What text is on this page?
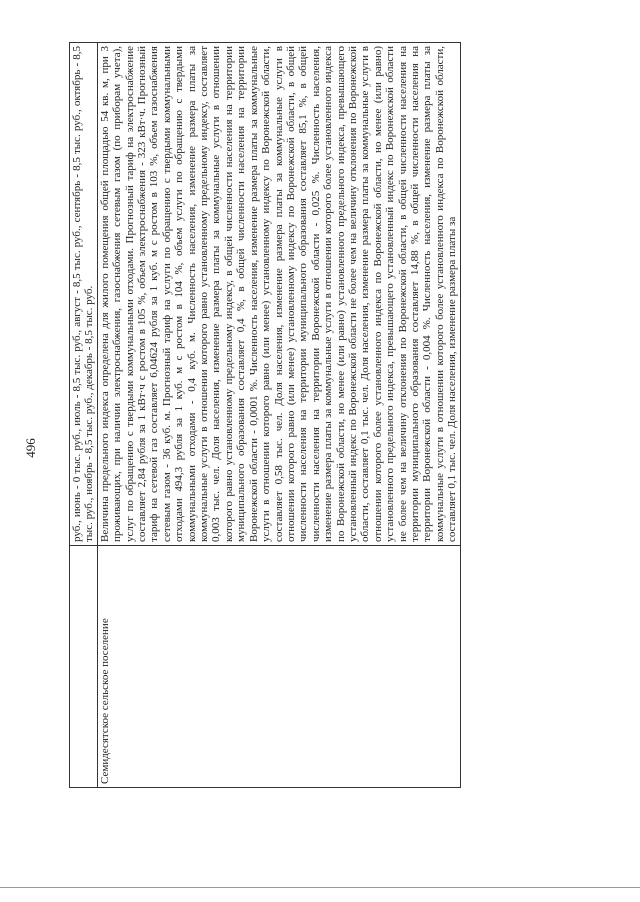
496
		руб., июнь - 0 тыс. руб., июль - 8,5 тыс. руб., август - 8,5 тыс. руб., сентябрь - 8,5 тыс. руб., октябрь - 8,5 тыс. руб., ноябрь - 8,5 тыс. руб., декабрь - 8,5 тыс. руб.
Семидесятское сельское поселение	Величина предельного индекса определена для жилого помещения общей площадью 54 кв. м, при 3 проживающих, при наличии электроснабжения, газоснабжения сетевым газом (по приборам учета), услуг по обращению с твердыми коммунальными отходами. Прогнозный тариф на электроснабжение составляет 2,84 рубля за 1 кВт·ч с ростом в 105 %, объем электроснабжения - 323 кВт·ч. Прогнозный тариф на сетевой газ составляет 6,04624 рубля за 1 куб. м с ростом в 103 %, объем газоснабжения сетевым газом - 36 куб. м. Прогнозный тариф на услуги по обращению с твердыми коммунальными отходами 494,3 рубля за 1 куб. м с ростом в 104 %, объем услуги по обращению с твердыми коммунальными отходами - 0,4 куб. м. Численность населения, изменение размера платы за коммунальные услуги в отношении которого равно установленному предельному индексу, составляет 0,003 тыс. чел. Доля населения, изменение размера платы за коммунальные услуги в отношении которого равно установленному предельному индексу, в общей численности населения на территории муниципального образования составляет 0,4 %, в общей численности населения на территории Воронежской области - 0,0001 %. Численность населения, изменение размера платы за коммунальные услуги в отношении которого равно (или менее) установленному индексу по Воронежской области, составляет 0,58 тыс. чел. Доля населения, изменение размера платы за коммунальные услуги в отношении которого равно (или менее) установленному индексу по Воронежской области, в общей численности населения на территории муниципального образования составляет 85,1 %, в общей численности населения на территории Воронежской области - 0,025 %. Численность населения, изменение размера платы за коммунальные услуги в отношении которого более установленного индекса по Воронежской области, но менее (или равно) установленного предельного индекса, превышающего установленный индекс по Воронежской области не более чем на величину отклонения по Воронежской области, составляет 0,1 тыс. чел. Доля населения, изменение размера платы за коммунальные услуги в отношении которого более установленного индекса по Воронежской области, но менее (или равно) установленного предельного индекса, превышающего установленный индекс по Воронежской области не более чем на величину отклонения по Воронежской области, в общей численности населения на территории муниципального образования составляет 14,88 %, в общей численности населения на территории Воронежской области - 0,004 %. Численность населения, изменение размера платы за коммунальные услуги в отношении которого более установленного индекса по Воронежской области, составляет 0,1 тыс. чел. Доля населения, изменение размера платы за
